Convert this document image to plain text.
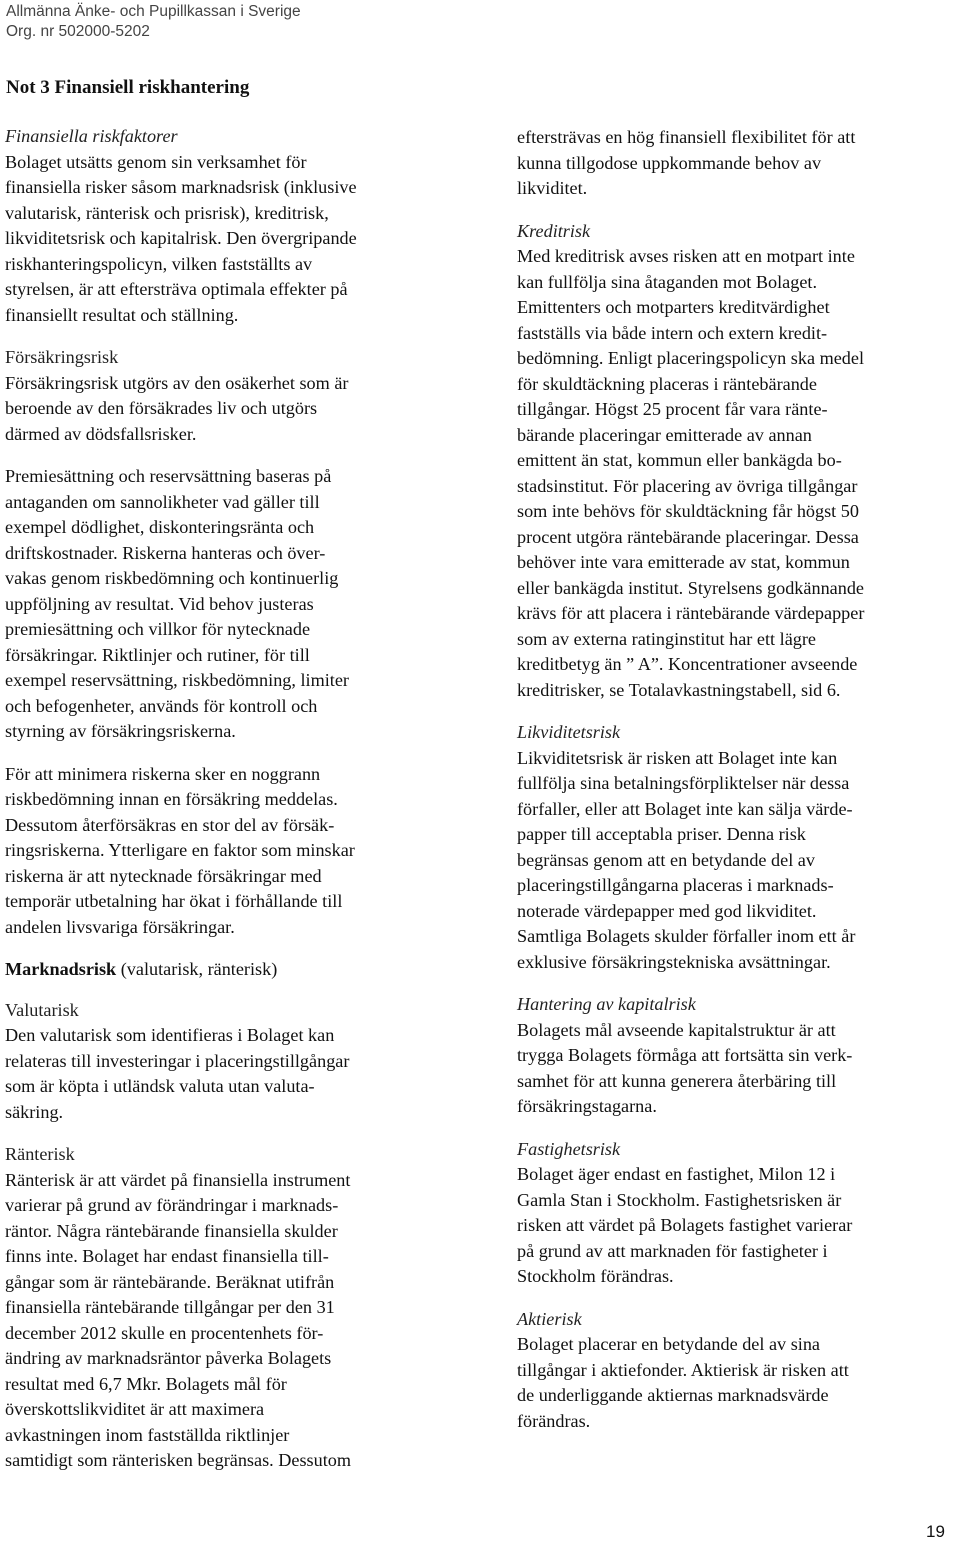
Allmänna Änke- och Pupillkassan i Sverige
Org. nr 502000-5202
Not 3 Finansiell riskhantering

Finansiella riskfaktorer
Bolaget utsätts genom sin verksamhet för
finansiella risker såsom marknadsrisk (inklusive
valutarisk, ränterisk och prisrisk), kreditrisk,
likviditetsrisk och kapitalrisk. Den övergripande
riskhanteringspolicyn, vilken fastställts av
styrelsen, är att eftersträva optimala effekter på
finansiellt resultat och ställning.

Försäkringsrisk
Försäkringsrisk utgörs av den osäkerhet som är
beroende av den försäkrades liv och utgörs
därmed av dödsfallsrisker.

Premiesättning och reservsättning baseras på
antaganden om sannolikheter vad gäller till
exempel dödlighet, diskonteringsränta och
driftskostnader. Riskerna hanteras och över-
vakas genom riskbedömning och kontinuerlig
uppföljning av resultat. Vid behov justeras
premiesättning och villkor för nytecknade
försäkringar. Riktlinjer och rutiner, för till
exempel reservsättning, riskbedömning, limiter
och befogenheter, används för kontroll och
styrning av försäkringsriskerna.

För att minimera riskerna sker en noggrann
riskbedömning innan en försäkring meddelas.
Dessutom återförsäkras en stor del av försäk-
ringsriskerna. Ytterligare en faktor som minskar
riskerna är att nytecknade försäkringar med
temporär utbetalning har ökat i förhållande till
andelen livsvariga försäkringar.

Marknadsrisk (valutarisk, ränterisk)

Valutarisk
Den valutarisk som identifieras i Bolaget kan
relateras till investeringar i placeringstillgångar
som är köpta i utländsk valuta utan valuta-
säkring.

Ränterisk
Ränterisk är att värdet på finansiella instrument
varierar på grund av förändringar i marknads-
räntor. Några räntebärande finansiella skulder
finns inte. Bolaget har endast finansiella till-
gångar som är räntebärande. Beräknat utifrån
finansiella räntebärande tillgångar per den 31
december 2012 skulle en procentenhets för-
ändring av marknadsräntor påverka Bolagets
resultat med 6,7 Mkr. Bolagets mål för
överskottslikviditet är att maximera
avkastningen inom fastställda riktlinjer
samtidigt som ränterisken begränsas. Dessutom

eftersträvas en hög finansiell flexibilitet för att
kunna tillgodose uppkommande behov av
likviditet.

Kreditrisk
Med kreditrisk avses risken att en motpart inte
kan fullfölja sina åtaganden mot Bolaget.
Emittenters och motparters kreditvärdighet
fastställs via både intern och extern kredit-
bedömning. Enligt placeringspolicyn ska medel
för skuldtäckning placeras i räntebärande
tillgångar. Högst 25 procent får vara ränte-
bärande placeringar emitterade av annan
emittent än stat, kommun eller bankägda bo-
stadsinstitut. För placering av övriga tillgångar
som inte behövs för skuldtäckning får högst 50
procent utgöra räntebärande placeringar. Dessa
behöver inte vara emitterade av stat, kommun
eller bankägda institut. Styrelsens godkännande
krävs för att placera i räntebärande värdepapper
som av externa ratinginstitut har ett lägre
kreditbetyg än ” A”. Koncentrationer avseende
kreditrisker, se Totalavkastningstabell, sid 6.

Likviditetsrisk
Likviditetsrisk är risken att Bolaget inte kan
fullfölja sina betalningsförpliktelser när dessa
förfaller, eller att Bolaget inte kan sälja värde-
papper till acceptabla priser. Denna risk
begränsas genom att en betydande del av
placeringstillgångarna placeras i marknads-
noterade värdepapper med god likviditet.
Samtliga Bolagets skulder förfaller inom ett år
exklusive försäkringstekniska avsättningar.

Hantering av kapitalrisk
Bolagets mål avseende kapitalstruktur är att
trygga Bolagets förmåga att fortsätta sin verk-
samhet för att kunna generera återbäring till
försäkringstagarna.

Fastighetsrisk
Bolaget äger endast en fastighet, Milon 12 i
Gamla Stan i Stockholm. Fastighetsrisken är
risken att värdet på Bolagets fastighet varierar
på grund av att marknaden för fastigheter i
Stockholm förändras.

Aktierisk
Bolaget placerar en betydande del av sina
tillgångar i aktiefonder. Aktierisk är risken att
de underliggande aktiernas marknadsvärde
förändras.

19
